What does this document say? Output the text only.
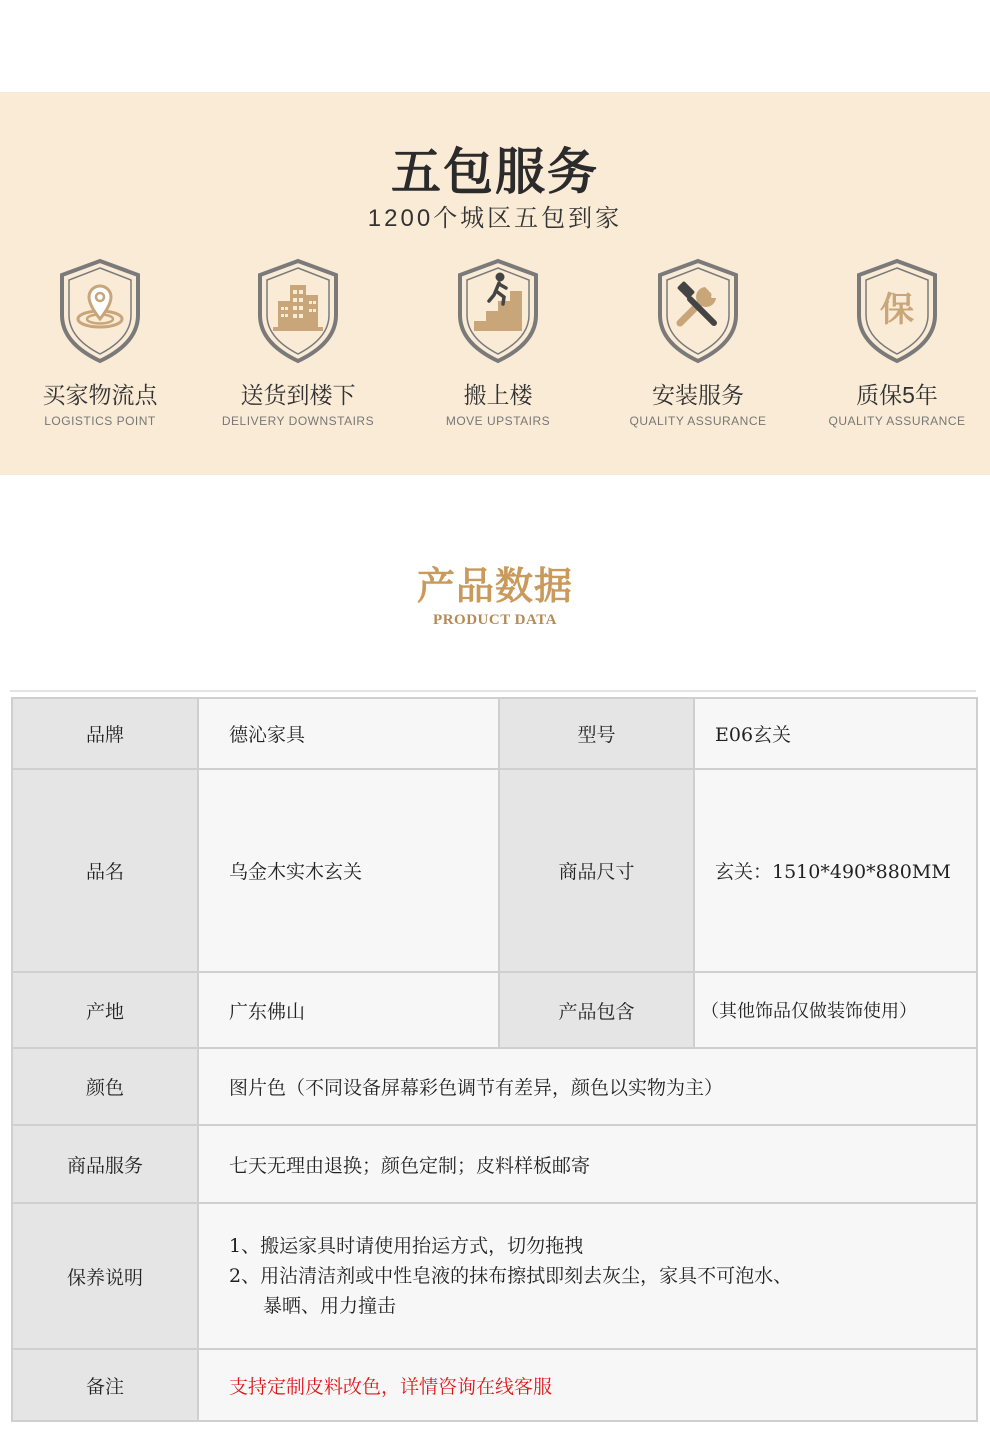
五包服务
1200个城区五包到家
买家物流点
LOGISTICS POINT
送货到楼下
DELIVERY DOWNSTAIRS
搬上楼
MOVE UPSTAIRS
安装服务
QUALITY ASSURANCE
保
质保5年
QUALITY ASSURANCE
产品数据
PRODUCT DATA
品牌	德沁家具	型号	E06玄关
品名	乌金木实木玄关	商品尺寸	玄关：1510*490*880MM
产地	广东佛山	产品包含	（其他饰品仅做装饰使用）
颜色	图片色（不同设备屏幕彩色调节有差异，颜色以实物为主）		
商品服务	七天无理由退换；颜色定制；皮料样板邮寄		
保养说明	1、搬运家具时请使用抬运方式，切勿拖拽
2、用沾清洁剂或中性皂液的抹布擦拭即刻去灰尘，家具不可泡水、
暴晒、用力撞击		

备注	支持定制皮料改色，详情咨询在线客服		
